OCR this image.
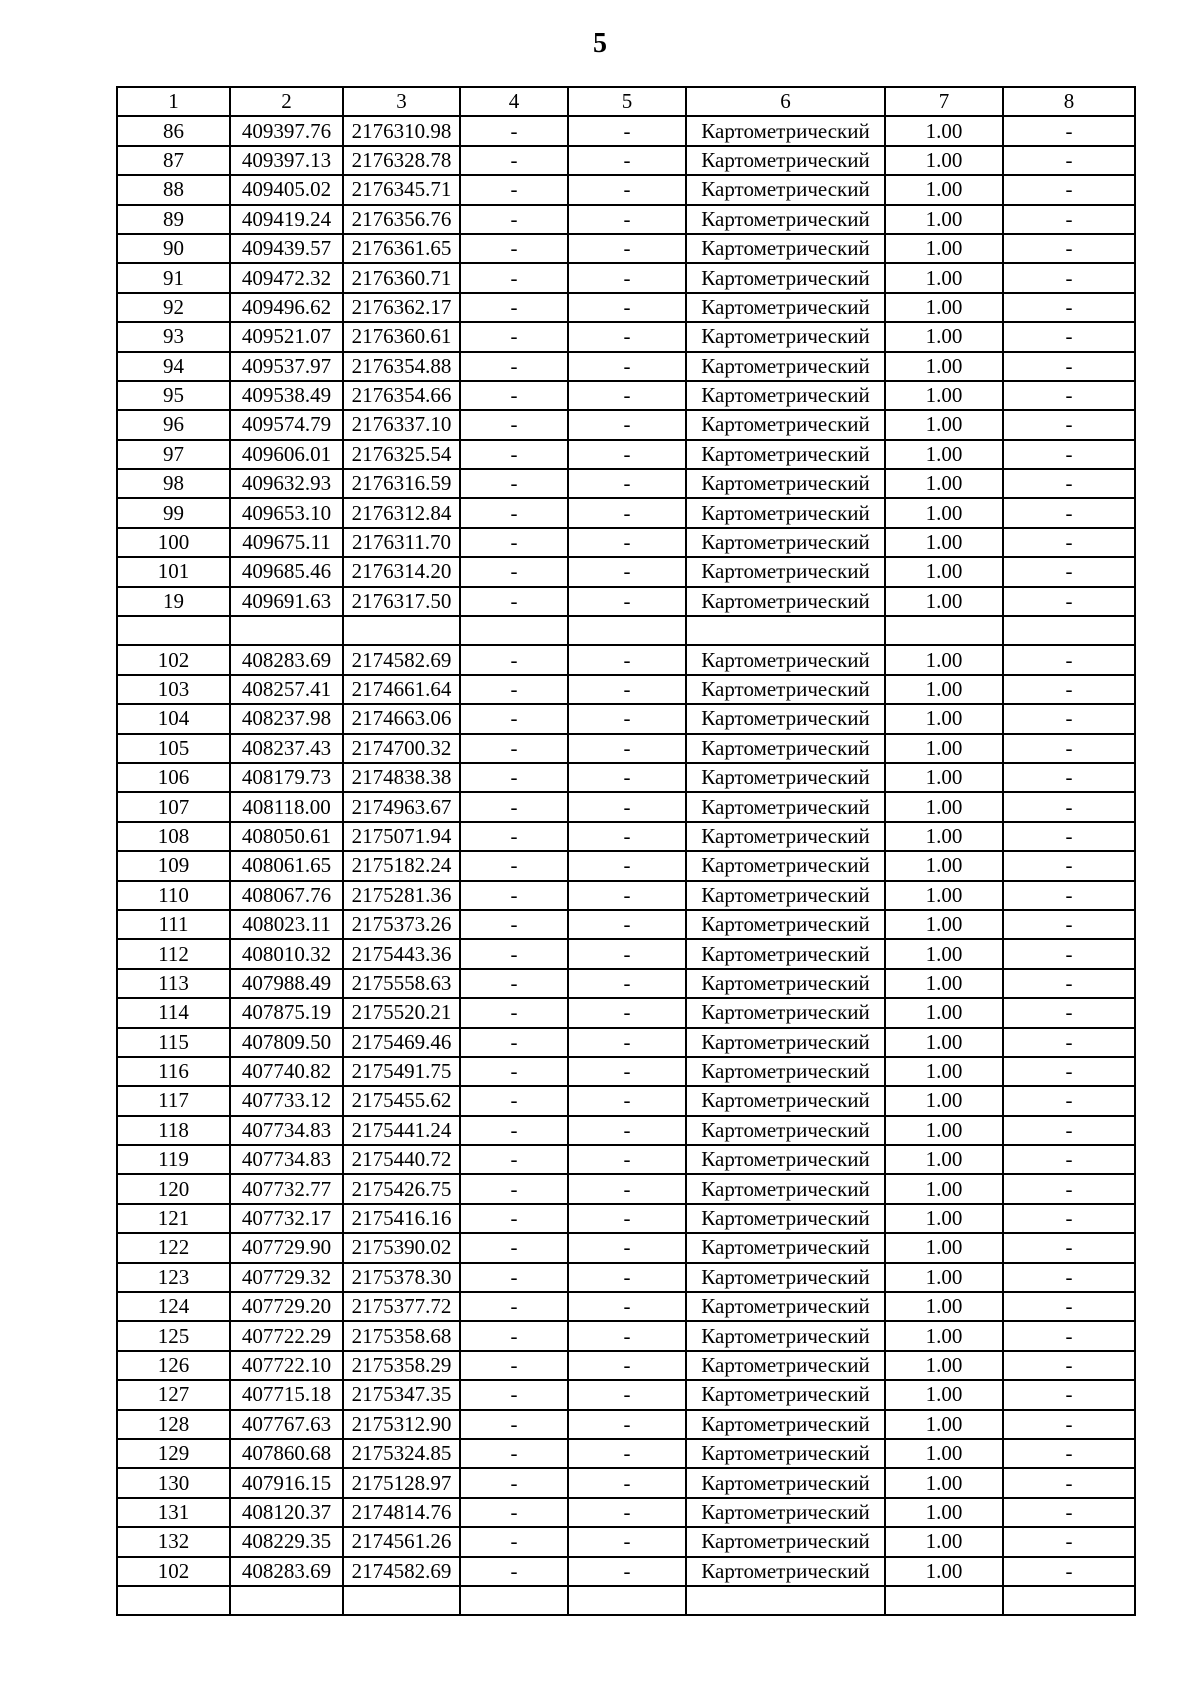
5
1	2	3	4	5	6	7	8
86	409397.76	2176310.98	-	-	Картометрический	1.00	-
87	409397.13	2176328.78	-	-	Картометрический	1.00	-
88	409405.02	2176345.71	-	-	Картометрический	1.00	-
89	409419.24	2176356.76	-	-	Картометрический	1.00	-
90	409439.57	2176361.65	-	-	Картометрический	1.00	-
91	409472.32	2176360.71	-	-	Картометрический	1.00	-
92	409496.62	2176362.17	-	-	Картометрический	1.00	-
93	409521.07	2176360.61	-	-	Картометрический	1.00	-
94	409537.97	2176354.88	-	-	Картометрический	1.00	-
95	409538.49	2176354.66	-	-	Картометрический	1.00	-
96	409574.79	2176337.10	-	-	Картометрический	1.00	-
97	409606.01	2176325.54	-	-	Картометрический	1.00	-
98	409632.93	2176316.59	-	-	Картометрический	1.00	-
99	409653.10	2176312.84	-	-	Картометрический	1.00	-
100	409675.11	2176311.70	-	-	Картометрический	1.00	-
101	409685.46	2176314.20	-	-	Картометрический	1.00	-
19	409691.63	2176317.50	-	-	Картометрический	1.00	-

102	408283.69	2174582.69	-	-	Картометрический	1.00	-
103	408257.41	2174661.64	-	-	Картометрический	1.00	-
104	408237.98	2174663.06	-	-	Картометрический	1.00	-
105	408237.43	2174700.32	-	-	Картометрический	1.00	-
106	408179.73	2174838.38	-	-	Картометрический	1.00	-
107	408118.00	2174963.67	-	-	Картометрический	1.00	-
108	408050.61	2175071.94	-	-	Картометрический	1.00	-
109	408061.65	2175182.24	-	-	Картометрический	1.00	-
110	408067.76	2175281.36	-	-	Картометрический	1.00	-
111	408023.11	2175373.26	-	-	Картометрический	1.00	-
112	408010.32	2175443.36	-	-	Картометрический	1.00	-
113	407988.49	2175558.63	-	-	Картометрический	1.00	-
114	407875.19	2175520.21	-	-	Картометрический	1.00	-
115	407809.50	2175469.46	-	-	Картометрический	1.00	-
116	407740.82	2175491.75	-	-	Картометрический	1.00	-
117	407733.12	2175455.62	-	-	Картометрический	1.00	-
118	407734.83	2175441.24	-	-	Картометрический	1.00	-
119	407734.83	2175440.72	-	-	Картометрический	1.00	-
120	407732.77	2175426.75	-	-	Картометрический	1.00	-
121	407732.17	2175416.16	-	-	Картометрический	1.00	-
122	407729.90	2175390.02	-	-	Картометрический	1.00	-
123	407729.32	2175378.30	-	-	Картометрический	1.00	-
124	407729.20	2175377.72	-	-	Картометрический	1.00	-
125	407722.29	2175358.68	-	-	Картометрический	1.00	-
126	407722.10	2175358.29	-	-	Картометрический	1.00	-
127	407715.18	2175347.35	-	-	Картометрический	1.00	-
128	407767.63	2175312.90	-	-	Картометрический	1.00	-
129	407860.68	2175324.85	-	-	Картометрический	1.00	-
130	407916.15	2175128.97	-	-	Картометрический	1.00	-
131	408120.37	2174814.76	-	-	Картометрический	1.00	-
132	408229.35	2174561.26	-	-	Картометрический	1.00	-
102	408283.69	2174582.69	-	-	Картометрический	1.00	-
